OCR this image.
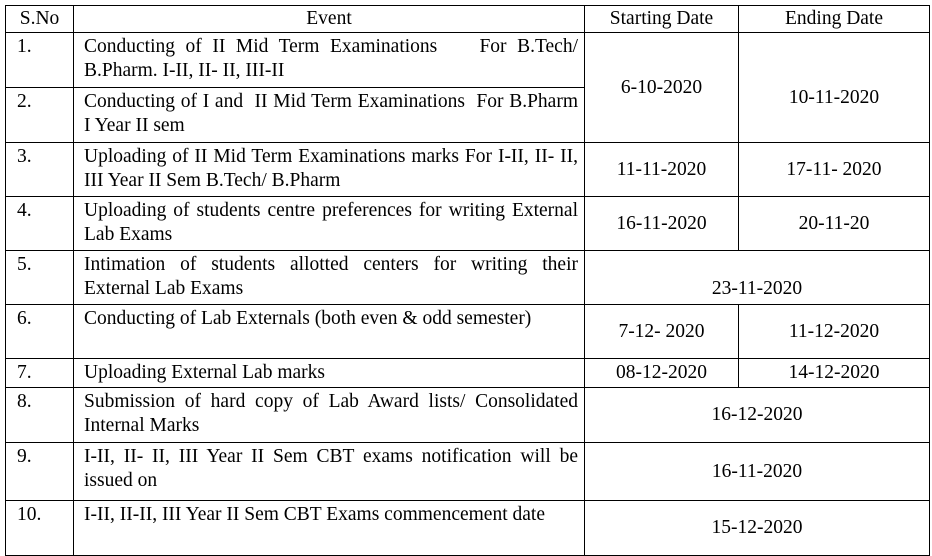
S.No	Event	Starting Date	Ending Date
1.	Conducting of II Mid Term Examinations    For B.Tech/ B.Pharm. I-II, II- II, III-II	6-10-2020	10-11-2020
2.	Conducting of I and  II Mid Term Examinations  For B.Pharm I Year II sem		
3.	Uploading of II Mid Term Examinations marks For I-II, II- II, III Year II Sem B.Tech/ B.Pharm	11-11-2020	17-11- 2020
4.	Uploading of students centre preferences for writing External Lab Exams	16-11-2020	20-11-20
5.	Intimation of students allotted centers for writing their External Lab Exams	23-11-2020	
6.	Conducting of Lab Externals (both even & odd semester)	7-12- 2020	11-12-2020
7.	Uploading External Lab marks	08-12-2020	14-12-2020
8.	Submission of hard copy of Lab Award lists/ Consolidated Internal Marks	16-12-2020	
9.	I-II, II- II, III Year II Sem CBT exams notification will be issued on	16-11-2020	
10.	I-II, II-II, III Year II Sem CBT Exams commencement date	15-12-2020	
